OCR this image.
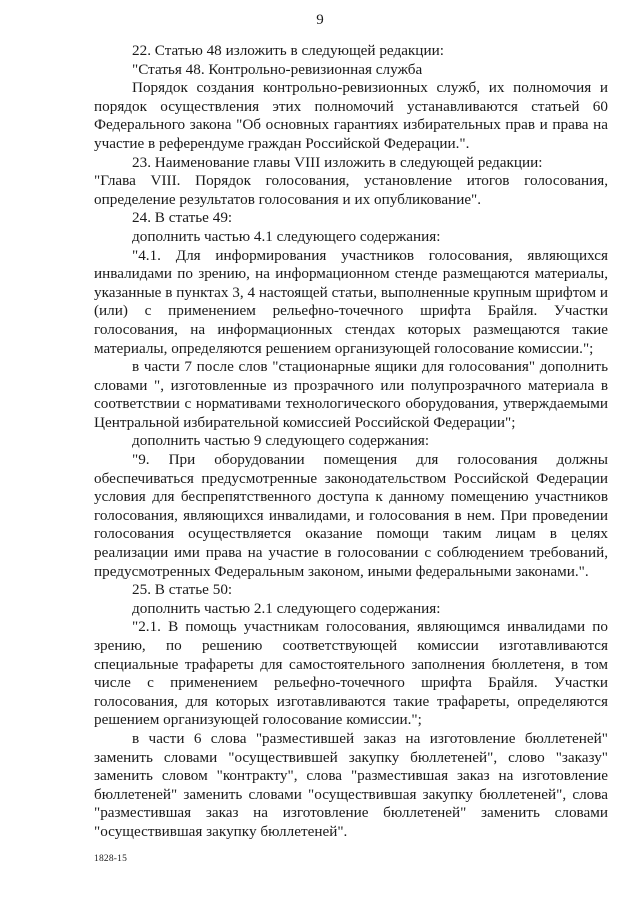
9

22. Статью 48 изложить в следующей редакции:

"Статья 48. Контрольно-ревизионная служба

Порядок создания контрольно-ревизионных служб, их полномочия и порядок осуществления этих полномочий устанавливаются статьей 60 Федерального закона "Об основных гарантиях избирательных прав и права на участие в референдуме граждан Российской Федерации.".

23. Наименование главы VIII изложить в следующей редакции:

"Глава VIII. Порядок голосования, установление итогов голосования, определение результатов голосования и их опубликование".

24. В статье 49:

дополнить частью 4.1 следующего содержания:

"4.1. Для информирования участников голосования, являющихся инвалидами по зрению, на информационном стенде размещаются материалы, указанные в пунктах 3, 4 настоящей статьи, выполненные крупным шрифтом и (или) с применением рельефно-точечного шрифта Брайля. Участки голосования, на информационных стендах которых размещаются такие материалы, определяются решением организующей голосование комиссии.";

в части 7 после слов "стационарные ящики для голосования" дополнить словами ", изготовленные из прозрачного или полупрозрачного материала в соответствии с нормативами технологического оборудования, утверждаемыми Центральной избирательной комиссией Российской Федерации";

дополнить частью 9 следующего содержания:

"9. При оборудовании помещения для голосования должны обеспечиваться предусмотренные законодательством Российской Федерации условия для беспрепятственного доступа к данному помещению участников голосования, являющихся инвалидами, и голосования в нем. При проведении голосования осуществляется оказание помощи таким лицам в целях реализации ими права на участие в голосовании с соблюдением требований, предусмотренных Федеральным законом, иными федеральными законами.".

25. В статье 50:

дополнить частью 2.1 следующего содержания:

"2.1. В помощь участникам голосования, являющимся инвалидами по зрению, по решению соответствующей комиссии изготавливаются специальные трафареты для самостоятельного заполнения бюллетеня, в том числе с применением рельефно-точечного шрифта Брайля. Участки голосования, для которых изготавливаются такие трафареты, определяются решением организующей голосование комиссии.";

в части 6 слова "разместившей заказ на изготовление бюллетеней" заменить словами "осуществившей закупку бюллетеней", слово "заказу" заменить словом "контракту", слова "разместившая заказ на изготовление бюллетеней" заменить словами "осуществившая закупку бюллетеней", слова "разместившая заказ на изготовление бюллетеней" заменить словами "осуществившая закупку бюллетеней".

1828-15
